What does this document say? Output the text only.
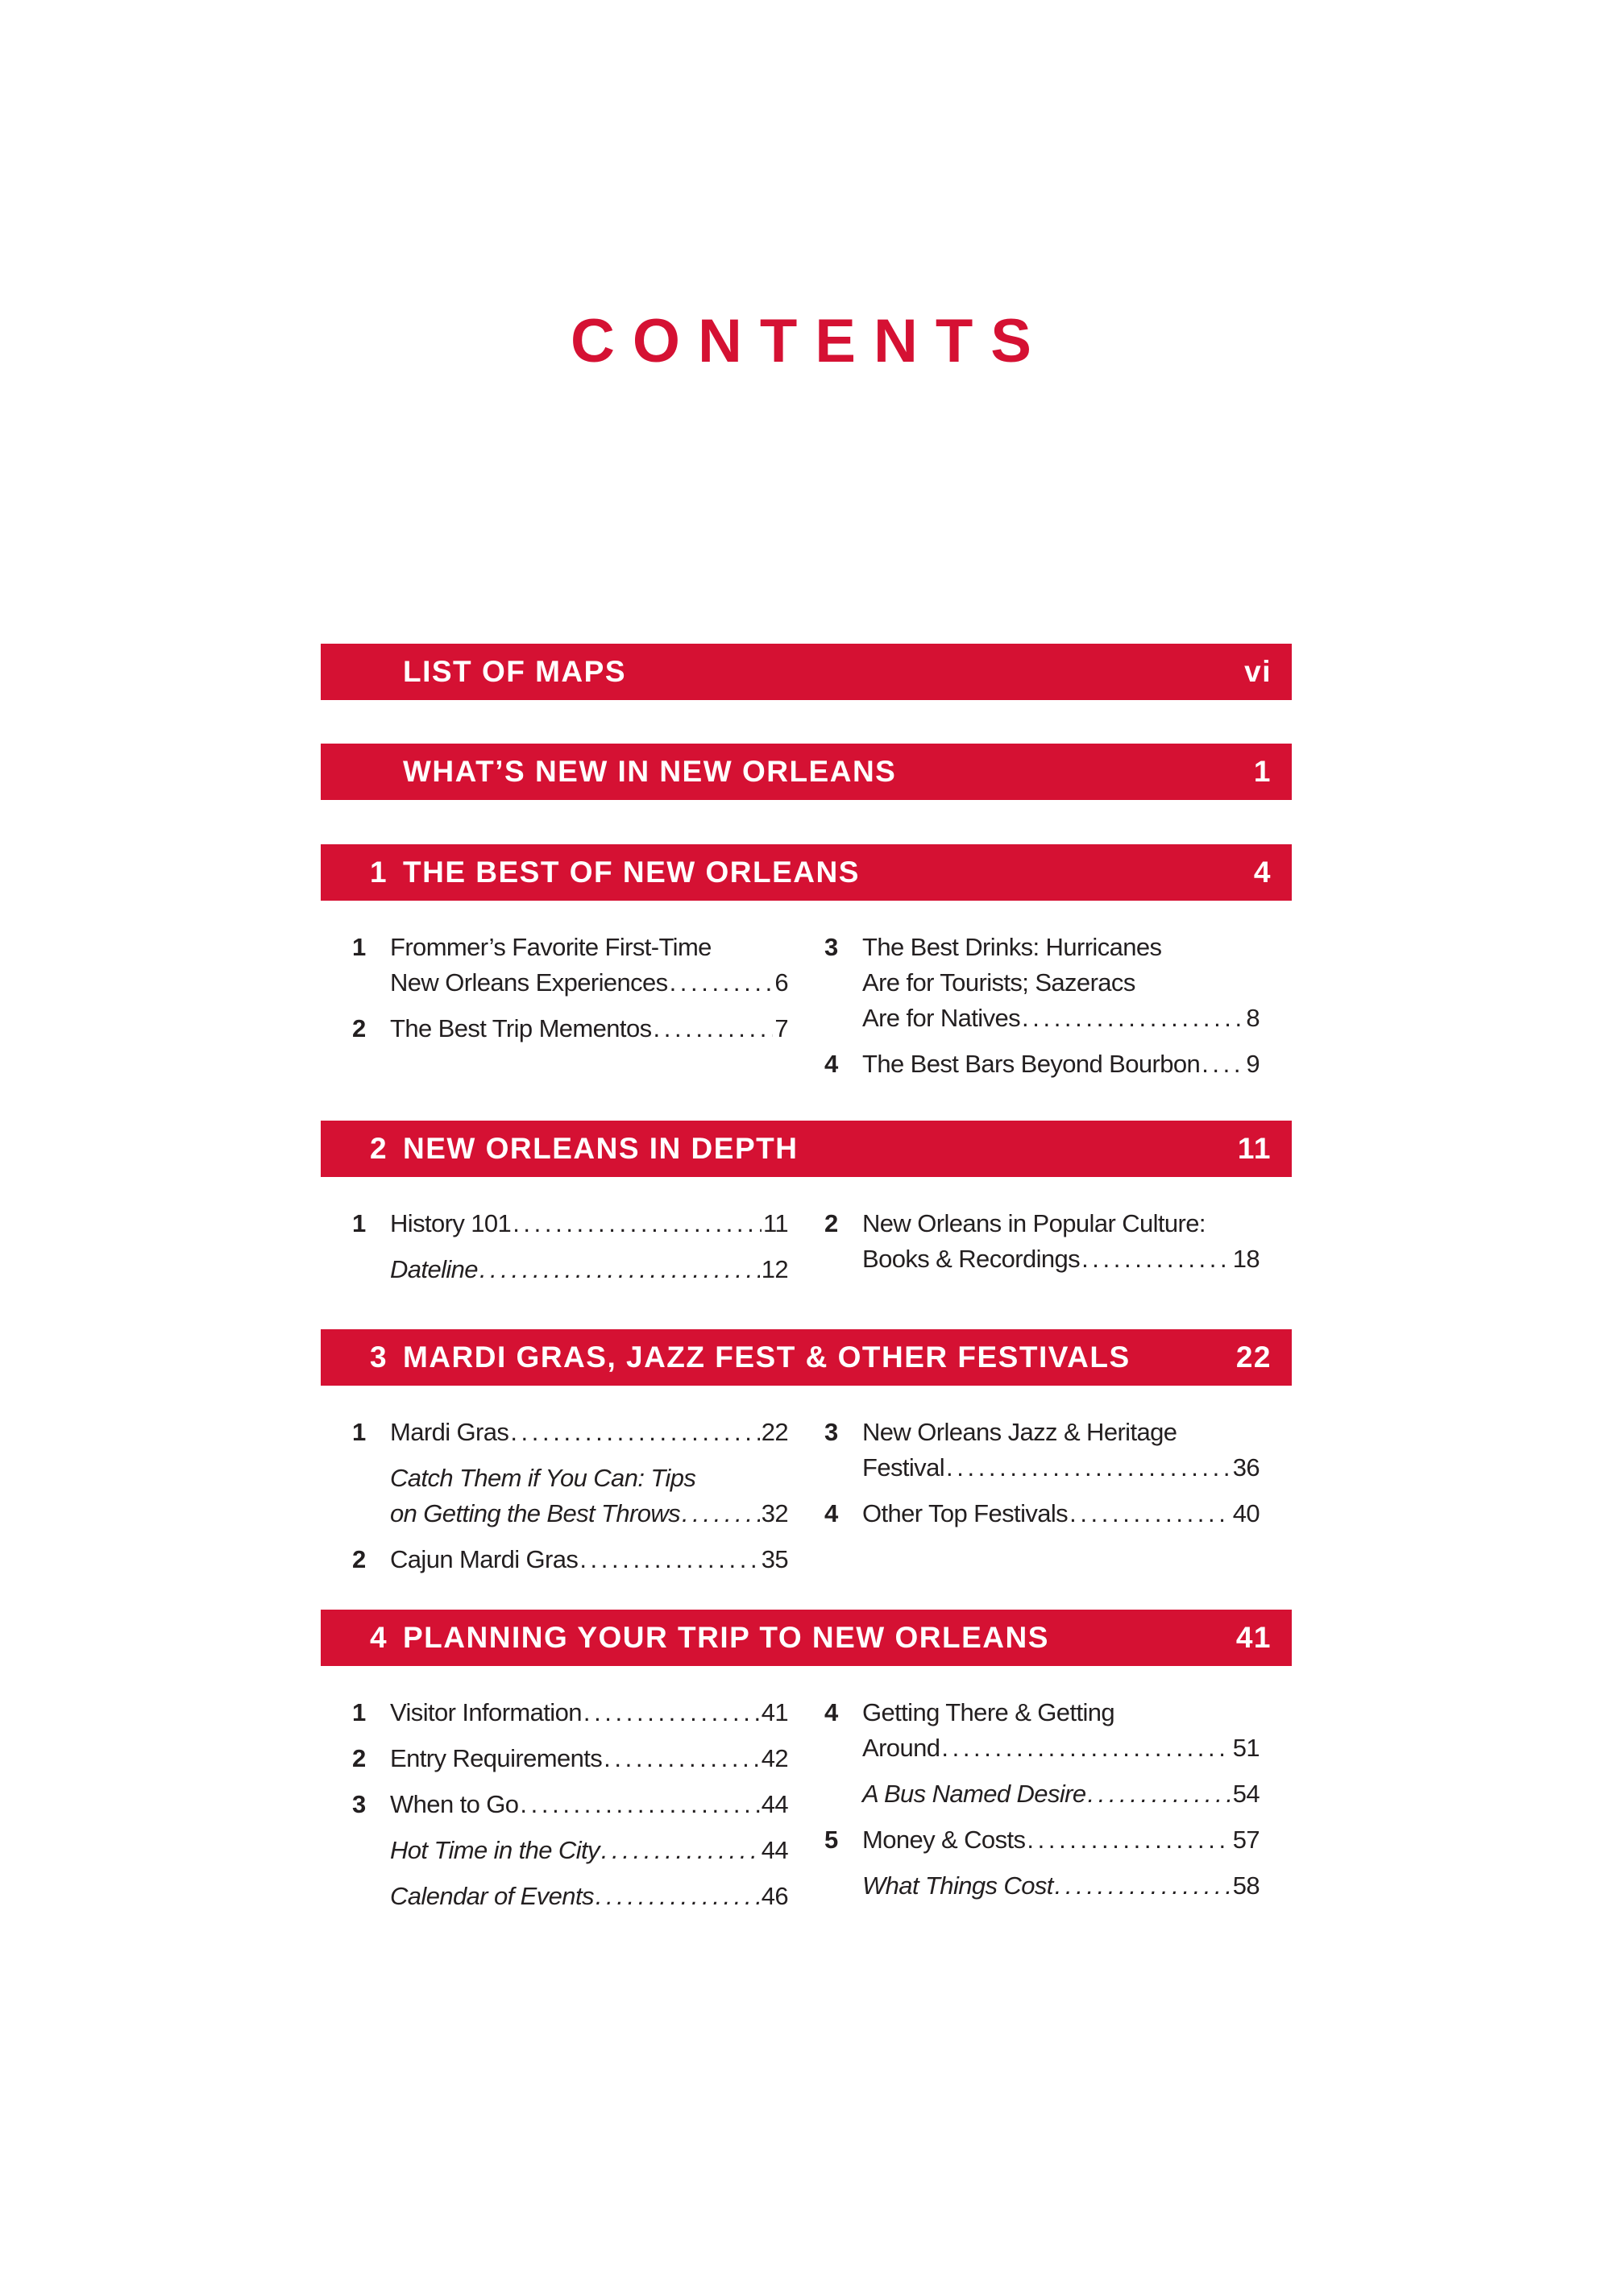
CONTENTS
LIST OF MAPS	vi
WHAT’S NEW IN NEW ORLEANS	1
1 THE BEST OF NEW ORLEANS	4
1 Frommer’s Favorite First-Time
New Orleans Experiences . . .	6
2 The Best Trip Mementos . . .	7
3 The Best Drinks: Hurricanes
Are for Tourists; Sazeracs
Are for Natives . . .	8
4 The Best Bars Beyond Bourbon . . . 9
2 NEW ORLEANS IN DEPTH	11
1 History 101 . . .	11
Dateline . . .	12
2 New Orleans in Popular Culture:
Books & Recordings . . .	18
3 MARDI GRAS, JAZZ FEST & OTHER FESTIVALS	22
1 Mardi Gras . . .	22
Catch Them if You Can: Tips
on Getting the Best Throws . . .	32
2 Cajun Mardi Gras . . .	35
3 New Orleans Jazz & Heritage
Festival . . .	36
4 Other Top Festivals . . .	40
4 PLANNING YOUR TRIP TO NEW ORLEANS	41
1 Visitor Information . . .	41
2 Entry Requirements . . .	42
3 When to Go . . .	44
Hot Time in the City . . .	44
Calendar of Events . . .	46
4 Getting There & Getting
Around . . .	51
A Bus Named Desire . . .	54
5 Money & Costs . . .	57
What Things Cost . . .	58
